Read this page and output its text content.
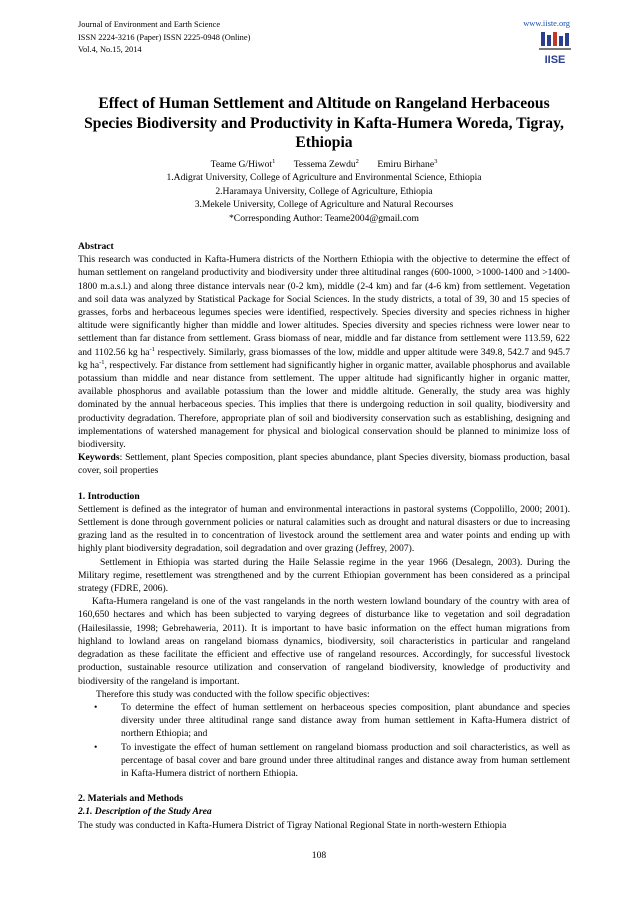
Journal of Environment and Earth Science
ISSN 2224-3216 (Paper) ISSN 2225-0948 (Online)
Vol.4, No.15, 2014
www.iiste.org
IISE
Effect of Human Settlement and Altitude on Rangeland Herbaceous Species Biodiversity and Productivity in Kafta-Humera Woreda, Tigray, Ethiopia
Teame G/Hiwot$^1$ Tessema Zewdu$^2$ Emiru Birhane$^3$
1.Adigrat University, College of Agriculture and Environmental Science, Ethiopia
2.Haramaya University, College of Agriculture, Ethiopia
3.Mekele University, College of Agriculture and Natural Recourses
*Corresponding Author: Teame2004@gmail.com

Abstract

This research was conducted in Kafta-Humera districts of the Northern Ethiopia with the objective to determine the effect of human settlement on rangeland productivity and biodiversity under three altitudinal ranges (600-1000, >1000-1400 and >1400-1800 m.a.s.l.) and along three distance intervals near (0-2 km), middle (2-4 km) and far (4-6 km) from settlement. Vegetation and soil data was analyzed by Statistical Package for Social Sciences. In the study districts, a total of 39, 30 and 15 species of grasses, forbs and herbaceous legumes species were identified, respectively. Species diversity and species richness in higher altitude were significantly higher than middle and lower altitudes. Species diversity and species richness were lower near to settlement than far distance from settlement. Grass biomass of near, middle and far distance from settlement were 113.59, 622 and 1102.56 kg $ha^{-1}$ respectively. Similarly, grass biomasses of the low, middle and upper altitude were 349.8, 542.7 and 945.7 kg $ha^{-1}$, respectively. Far distance from settlement had significantly higher in organic matter, available phosphorus and available potassium than middle and near distance from settlement. The upper altitude had significantly higher in organic matter, available phosphorus and available potassium than the lower and middle altitude. Generally, the study area was highly dominated by the annual herbaceous species. This implies that there is undergoing reduction in soil quality, biodiversity and productivity degradation. Therefore, appropriate plan of soil and biodiversity conservation such as establishing, designing and implementations of watershed management for physical and biological conservation should be planned to minimize loss of biodiversity.

Keywords: Settlement, plant Species composition, plant species abundance, plant Species diversity, biomass production, basal cover, soil properties

1. Introduction

Settlement is defined as the integrator of human and environmental interactions in pastoral systems (Coppolillo, 2000; 2001). Settlement is done through government policies or natural calamities such as drought and natural disasters or due to increasing grazing land as the resulted in to concentration of livestock around the settlement area and water points and ending up with highly plant biodiversity degradation, soil degradation and over grazing (Jeffrey, 2007).

Settlement in Ethiopia was started during the Haile Selassie regime in the year 1966 (Desalegn, 2003). During the Military regime, resettlement was strengthened and by the current Ethiopian government has been considered as a principal strategy (FDRE, 2006).

Kafta-Humera rangeland is one of the vast rangelands in the north western lowland boundary of the country with area of 160,650 hectares and which has been subjected to varying degrees of disturbance like to vegetation and soil degradation (Hailesilassie, 1998; Gebrehaweria, 2011). It is important to have basic information on the effect human migrations from highland to lowland areas on rangeland biomass dynamics, biodiversity, soil characteristics in particular and rangeland degradation as these facilitate the efficient and effective use of rangeland resources. Accordingly, for successful livestock production, sustainable resource utilization and conservation of rangeland biodiversity, knowledge of productivity and biodiversity of the rangeland is important.

Therefore this study was conducted with the follow specific objectives:

• To determine the effect of human settlement on herbaceous species composition, plant abundance and species diversity under three altitudinal range sand distance away from human settlement in Kafta-Humera district of northern Ethiopia; and
• To investigate the effect of human settlement on rangeland biomass production and soil characteristics, as well as percentage of basal cover and bare ground under three altitudinal ranges and distance away from human settlement in Kafta-Humera district of northern Ethiopia.

2. Materials and Methods

2.1. Description of the Study Area

The study was conducted in Kafta-Humera District of Tigray National Regional State in north-western Ethiopia

108
